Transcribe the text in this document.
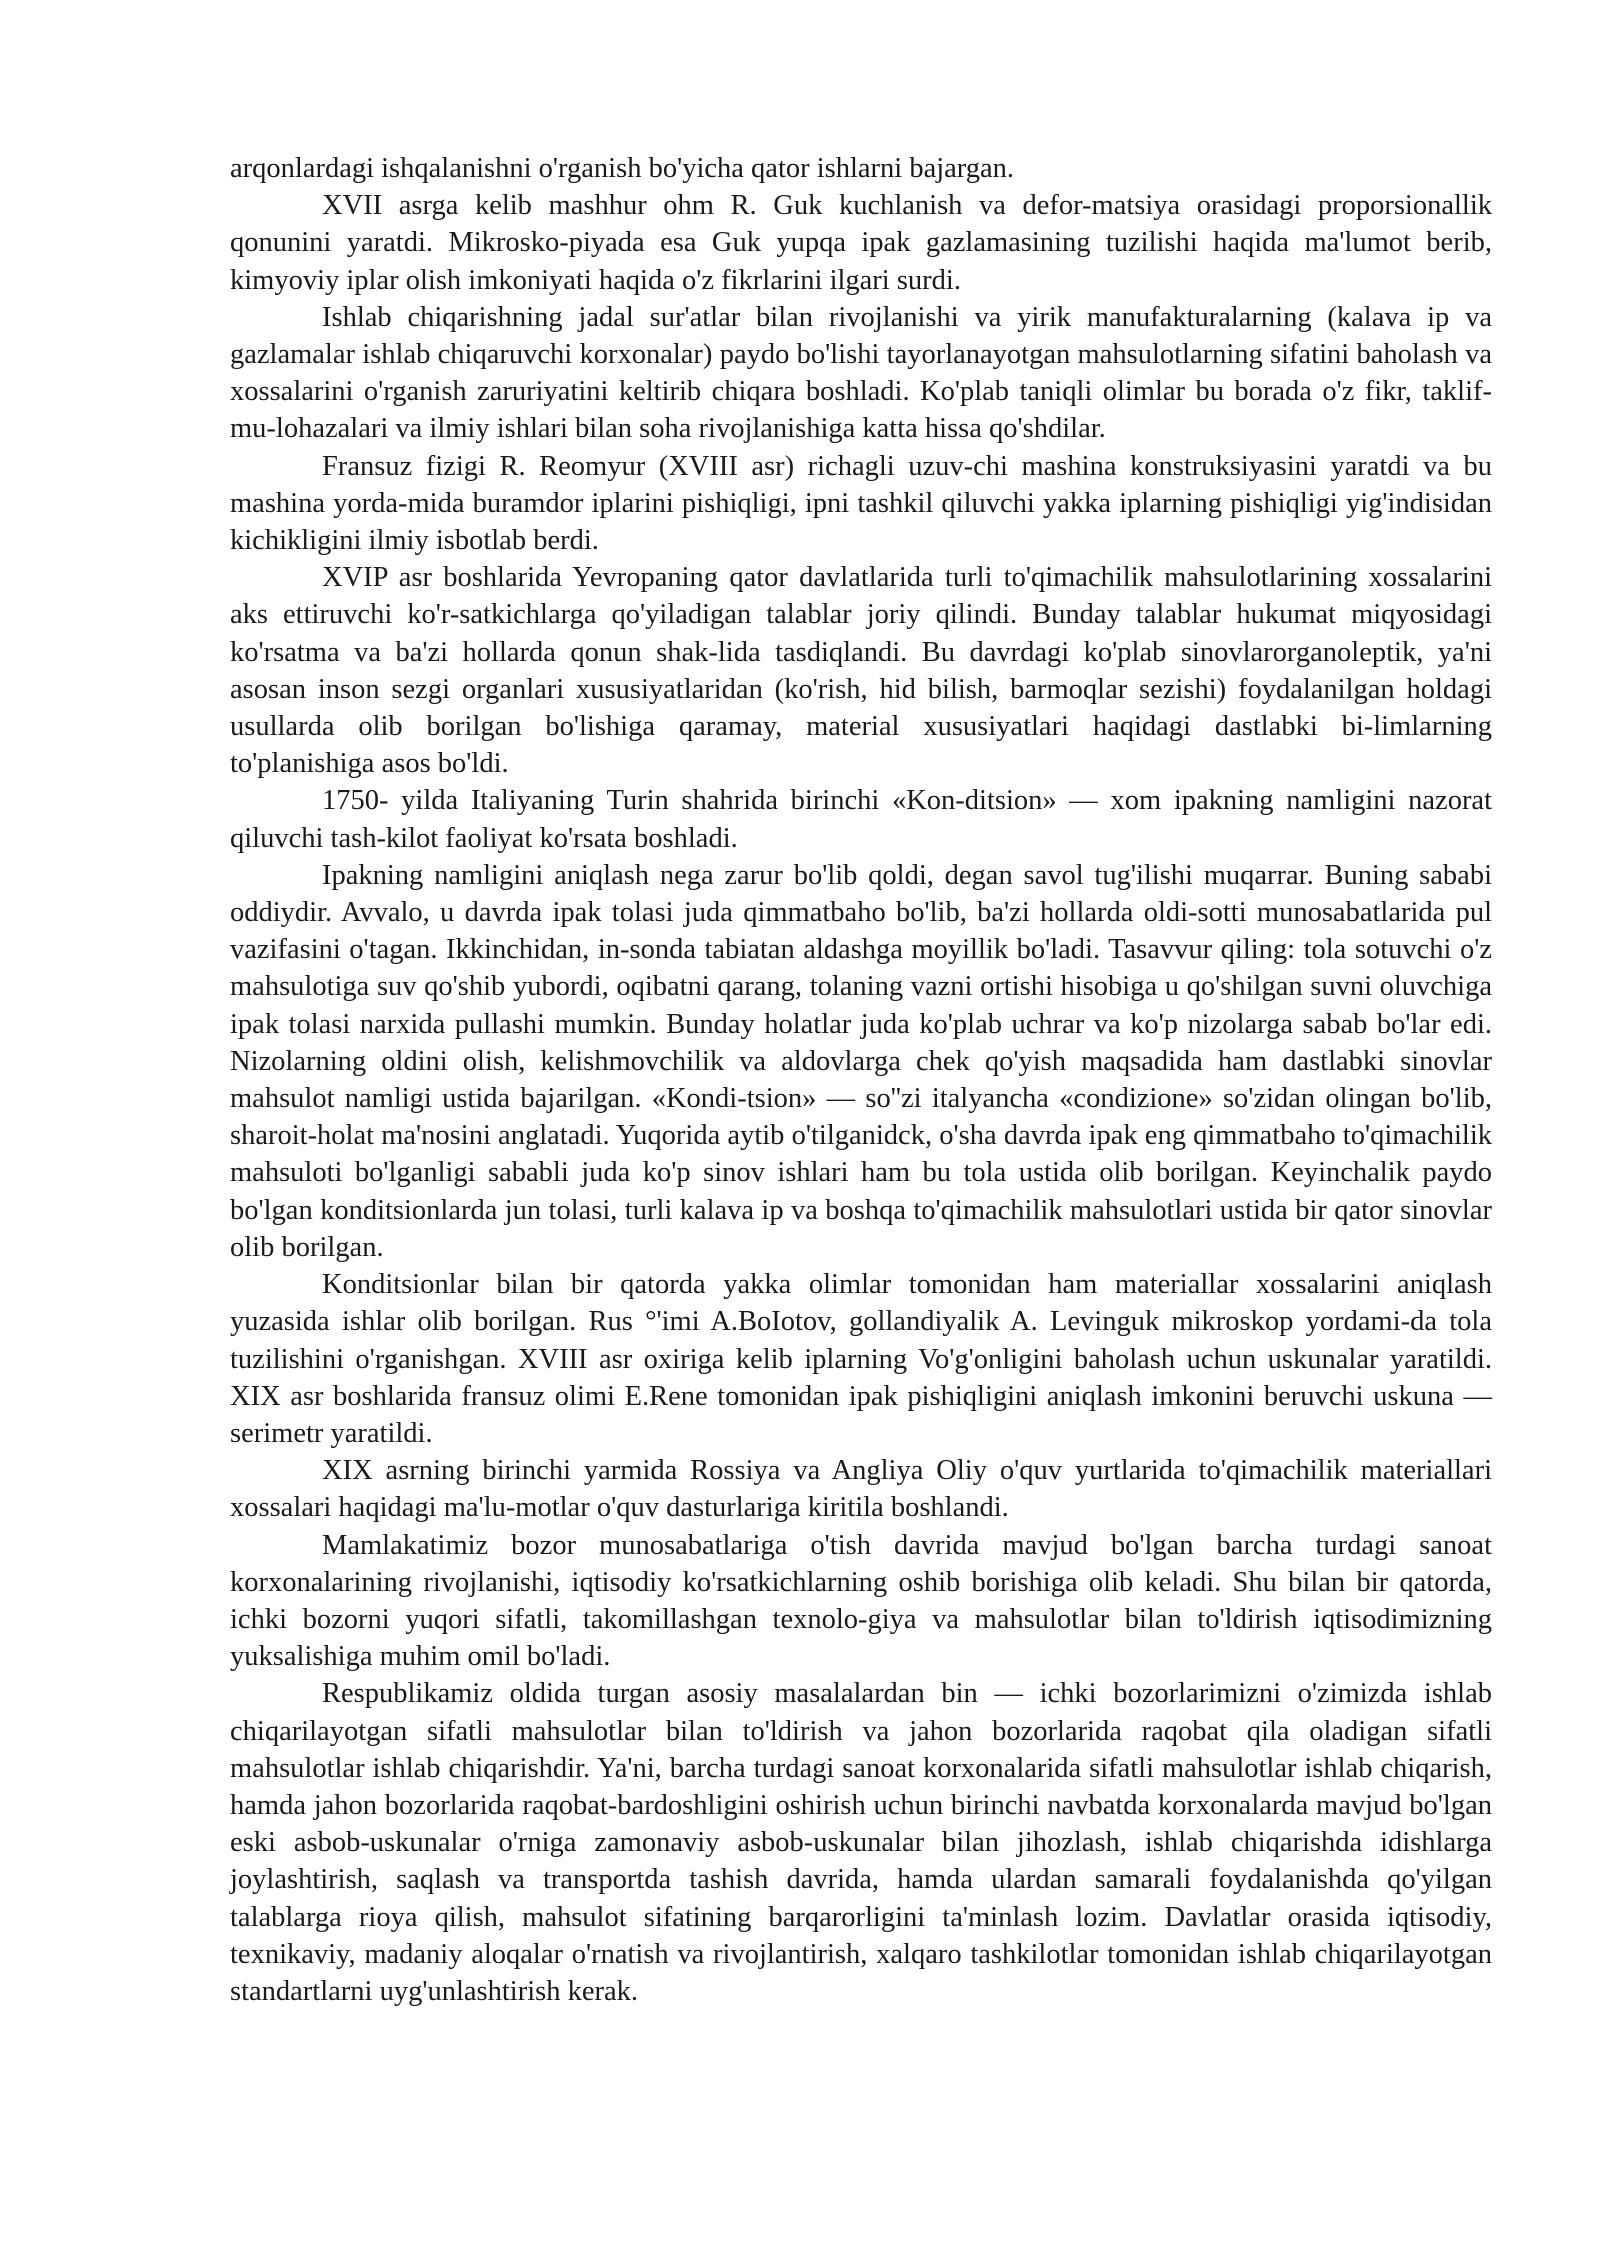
arqonlardagi ishqalanishni o'rganish bo'yicha qator ishlarni bajargan.

XVII asrga kelib mashhur ohm R. Guk kuchlanish va defor-matsiya orasidagi proporsionallik qonunini yaratdi. Mikrosko-piyada esa Guk yupqa ipak gazlamasining tuzilishi haqida ma'lumot berib, kimyoviy iplar olish imkoniyati haqida o'z fikrlarini ilgari surdi.

Ishlab chiqarishning jadal sur'atlar bilan rivojlanishi va yirik manufakturalarning (kalava ip va gazlamalar ishlab chiqaruvchi korxonalar) paydo bo'lishi tayorlanayotgan mahsulotlarning sifatini baholash va xossalarini o'rganish zaruriyatini keltirib chiqara boshladi. Ko'plab taniqli olimlar bu borada o'z fikr, taklif-mu-lohazalari va ilmiy ishlari bilan soha rivojlanishiga katta hissa qo'shdilar.

Fransuz fizigi R. Reomyur (XVIII asr) richagli uzuv-chi mashina konstruksiyasini yaratdi va bu mashina yorda-mida buramdor iplarini pishiqligi, ipni tashkil qiluvchi yakka iplarning pishiqligi yig'indisidan kichikligini ilmiy isbotlab berdi.

XVIP asr boshlarida Yevropaning qator davlatlarida turli to'qimachilik mahsulotlarining xossalarini aks ettiruvchi ko'r-satkichlarga qo'yiladigan talablar joriy qilindi. Bunday talablar hukumat miqyosidagi ko'rsatma va ba'zi hollarda qonun shak-lida tasdiqlandi. Bu davrdagi ko'plab sinovlarorganoleptik, ya'ni asosan inson sezgi organlari xususiyatlaridan (ko'rish, hid bilish, barmoqlar sezishi) foydalanilgan holdagi usullarda olib borilgan bo'lishiga qaramay, material xususiyatlari haqidagi dastlabki bi-limlarning to'planishiga asos bo'ldi.

1750- yilda Italiyaning Turin shahrida birinchi «Kon-ditsion» — xom ipakning namligini nazorat qiluvchi tash-kilot faoliyat ko'rsata boshladi.

Ipakning namligini aniqlash nega zarur bo'lib qoldi, degan savol tug'ilishi muqarrar. Buning sababi oddiydir. Avvalo, u davrda ipak tolasi juda qimmatbaho bo'lib, ba'zi hollarda oldi-sotti munosabatlarida pul vazifasini o'tagan. Ikkinchidan, in-sonda tabiatan aldashga moyillik bo'ladi. Tasavvur qiling: tola sotuvchi o'z mahsulotiga suv qo'shib yubordi, oqibatni qarang, tolaning vazni ortishi hisobiga u qo'shilgan suvni oluvchiga ipak tolasi narxida pullashi mumkin. Bunday holatlar juda ko'plab uchrar va ko'p nizolarga sabab bo'lar edi. Nizolarning oldini olish, kelishmovchilik va aldovlarga chek qo'yish maqsadida ham dastlabki sinovlar mahsulot namligi ustida bajarilgan. «Kondi-tsion» — so''zi italyancha «condizione» so'zidan olingan bo'lib, sharoit-holat ma'nosini anglatadi. Yuqorida aytib o'tilganidck, o'sha davrda ipak eng qimmatbaho to'qimachilik mahsuloti bo'lganligi sababli juda ko'p sinov ishlari ham bu tola ustida olib borilgan. Keyinchalik paydo bo'lgan konditsionlarda jun tolasi, turli kalava ip va boshqa to'qimachilik mahsulotlari ustida bir qator sinovlar olib borilgan.

Konditsionlar bilan bir qatorda yakka olimlar tomonidan ham materiallar xossalarini aniqlash yuzasida ishlar olib borilgan. Rus °'imi A.BoIotov, gollandiyalik A. Levinguk mikroskop yordami-da tola tuzilishini o'rganishgan. XVIII asr oxiriga kelib iplarning Vo'g'onligini baholash uchun uskunalar yaratildi. XIX asr boshlarida fransuz olimi E.Rene tomonidan ipak pishiqligini aniqlash imkonini beruvchi uskuna — serimetr yaratildi.

XIX asrning birinchi yarmida Rossiya va Angliya Oliy o'quv yurtlarida to'qimachilik materiallari xossalari haqidagi ma'lu-motlar o'quv dasturlariga kiritila boshlandi.

Mamlakatimiz bozor munosabatlariga o'tish davrida mavjud bo'lgan barcha turdagi sanoat korxonalarining rivojlanishi, iqtisodiy ko'rsatkichlarning oshib borishiga olib keladi. Shu bilan bir qatorda, ichki bozorni yuqori sifatli, takomillashgan texnolo-giya va mahsulotlar bilan to'ldirish iqtisodimizning yuksalishiga muhim omil bo'ladi.

Respublikamiz oldida turgan asosiy masalalardan bin — ichki bozorlarimizni o'zimizda ishlab chiqarilayotgan sifatli mahsulotlar bilan to'ldirish va jahon bozorlarida raqobat qila oladigan sifatli mahsulotlar ishlab chiqarishdir. Ya'ni, barcha turdagi sanoat korxonalarida sifatli mahsulotlar ishlab chiqarish, hamda jahon bozorlarida raqobat-bardoshligini oshirish uchun birinchi navbatda korxonalarda mavjud bo'lgan eski asbob-uskunalar o'rniga zamonaviy asbob-uskunalar bilan jihozlash, ishlab chiqarishda idishlarga joylashtirish, saqlash va transportda tashish davrida, hamda ulardan samarali foydalanishda qo'yilgan talablarga rioya qilish, mahsulot sifatining barqarorligini ta'minlash lozim. Davlatlar orasida iqtisodiy, texnikaviy, madaniy aloqalar o'rnatish va rivojlantirish, xalqaro tashkilotlar tomonidan ishlab chiqarilayotgan standartlarni uyg'unlashtirish kerak.
